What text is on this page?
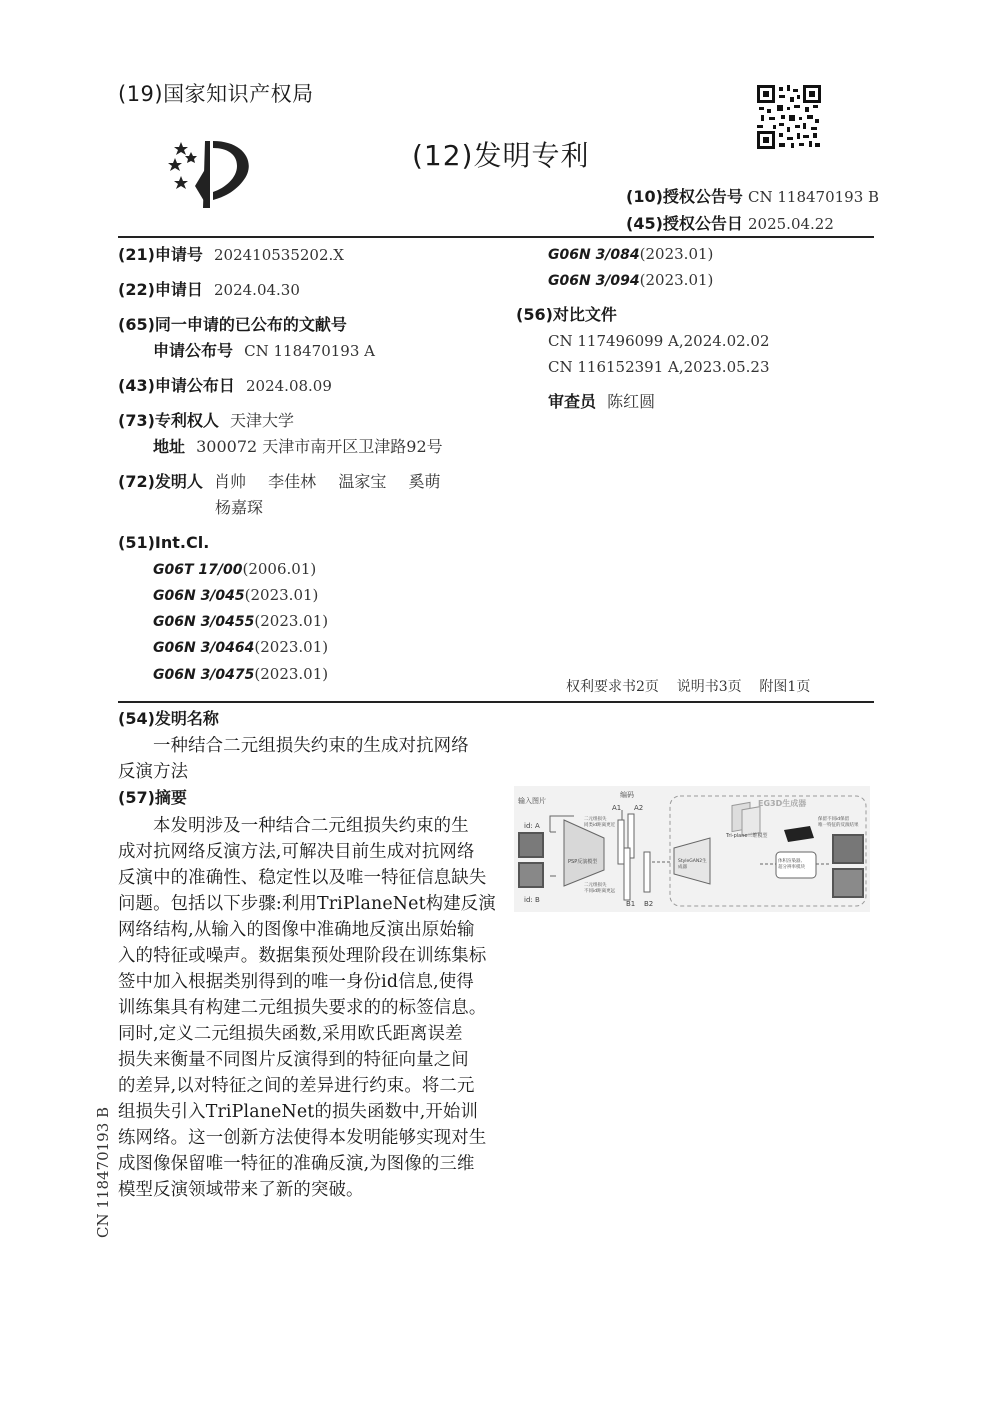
(19)国家知识产权局
(12)发明专利
(10)授权公告号 CN 118470193 B
(45)授权公告日 2025.04.22
(21)申请号 202410535202.X
(22)申请日 2024.04.30
(65)同一申请的已公布的文献号
申请公布号 CN 118470193 A
(43)申请公布日 2024.08.09
(73)专利权人 天津大学
地址 300072 天津市南开区卫津路92号
(72)发明人 肖帅  李佳林  温家宝  奚萌
杨嘉琛
(51)Int.Cl.
G06T 17/00(2006.01)
G06N 3/045(2023.01)
G06N 3/0455(2023.01)
G06N 3/0464(2023.01)
G06N 3/0475(2023.01)
G06N 3/084(2023.01)
G06N 3/094(2023.01)
(56)对比文件
CN 117496099 A,2024.02.02
CN 116152391 A,2023.05.23
审查员 陈红圆
权利要求书2页    说明书3页    附图1页
(54)发明名称
一种结合二元组损失约束的生成对抗网络
反演方法
(57)摘要
本发明涉及一种结合二元组损失约束的生
成对抗网络反演方法,可解决目前生成对抗网络
反演中的准确性、稳定性以及唯一特征信息缺失
问题。包括以下步骤:利用TriPlaneNet构建反演
网络结构,从输入的图像中准确地反演出原始输
入的特征或噪声。数据集预处理阶段在训练集标
签中加入根据类别得到的唯一身份id信息,使得
训练集具有构建二元组损失要求的的标签信息。
同时,定义二元组损失函数,采用欧氏距离误差
损失来衡量不同图片反演得到的特征向量之间
的差异,以对特征之间的差异进行约束。将二元
组损失引入TriPlaneNet的损失函数中,开始训
练网络。这一创新方法使得本发明能够实现对生
成图像保留唯一特征的准确反演,为图像的三维
模型反演领域带来了新的突破。
CN 118470193 B
输入图片
编码
id: A
id: B
A1 A2
B1 B2
PSP反演模型
二元组损失
同类id距离更近
二元组损失
不同id距离更远
EG3D生成器
Tri-plane三维模型
StyleGAN2生成器
体积渲染器,
超分辨率模块
保留不同id保留
唯一特征的反演结果
